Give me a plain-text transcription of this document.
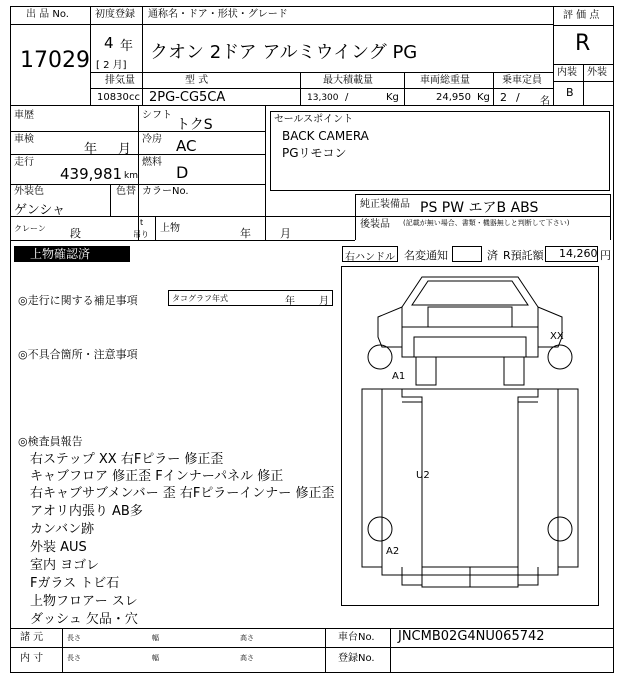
出 品 No.
17029
初度登録
4 年
[ 2 月]
通称名・ドア・形状・グレード
クオン 2ドア アルミウイング PG
評 価 点
R
内装 外装
B
排気量	型 式	最大積載量	車両総重量	乗車定員
10830 cc 2PG-CG5CA	13,300 /	Kg	24,950 Kg 2 / 名
車歴	シフト
トクS
車検
年 月
冷房 AC
走行
439,981 km
燃料
D
外装色
ゲンシャ
色替 カラーNo.
クレーン 段
t
吊り
上物	年	月
セールスポイント
BACK CAMERA
PGリモコン
純正装備品 PS PW エアB ABS
後装品 (記載が無い場合、書類・機器無しと判断して下さい)
上物確認済	右ハンドル 名変通知	済 R預託額 14,260 円
◎走行に関する補足事項	タコグラフ年式	年 月
◎不具合箇所・注意事項
◎検査員報告
右ステップ XX 右Fピラー 修正歪
キャブフロア 修正歪 Fインナーパネル 修正
右キャブサブメンバー 歪 右Fピラーインナー 修正歪
アオリ内張り AB多
カンバン跡
外装 AUS
室内 ヨゴレ
Fガラス トビ石
上物フロアー スレ
ダッシュ 欠品・穴
XX
A1
U2
A2
諸 元	長さ	幅	高さ
内 寸	長さ	幅	高さ
車台No. JNCMB02G4NU065742
登録No.
